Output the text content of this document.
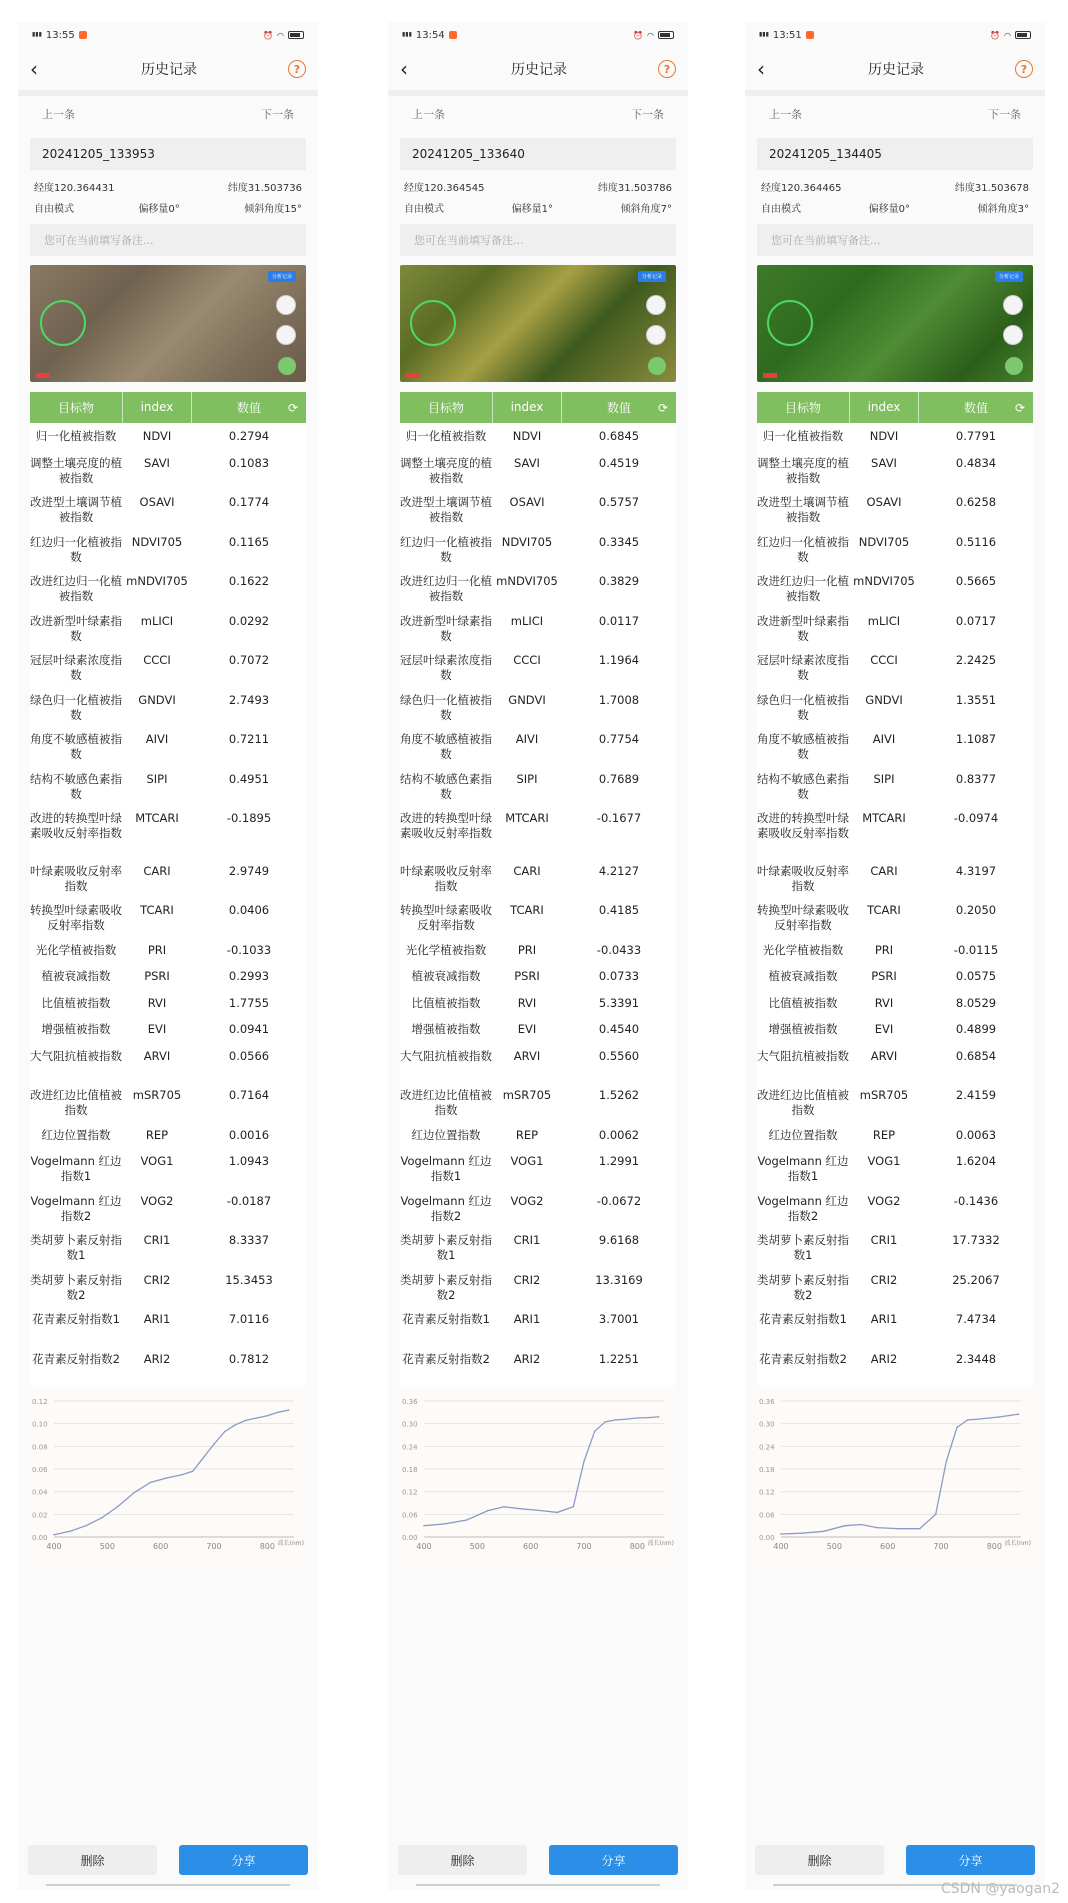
▮▮▮ 13:55	⏰ ◠
‹	历史记录	?
上一条	下一条
20241205_133953
经度120.364431	纬度31.503736
自由模式	偏移量0°	倾斜角度15°
您可在当前填写备注...
分析记录
目标物	index	数值 ⟳
归一化植被指数	NDVI	0.2794
调整土壤亮度的植被指数
SAVI	0.1083
改进型土壤调节植被指数
OSAVI	0.1774
红边归一化植被指数
NDVI705	0.1165
改进红边归一化植被指数
mNDVI705	0.1622
改进新型叶绿素指数
mLICI	0.0292
冠层叶绿素浓度指数
CCCI	0.7072
绿色归一化植被指数
GNDVI	2.7493
角度不敏感植被指数
AIVI	0.7211
结构不敏感色素指数
SIPI	0.4951
改进的转换型叶绿素吸收反射率指数
MTCARI	-0.1895
叶绿素吸收反射率指数
CARI	2.9749
转换型叶绿素吸收反射率指数
TCARI	0.0406
光化学植被指数	PRI	-0.1033
植被衰减指数	PSRI	0.2993
比值植被指数	RVI	1.7755
增强植被指数	EVI	0.0941
大气阻抗植被指数	ARVI	0.0566
改进红边比值植被指数
mSR705	0.7164
红边位置指数	REP	0.0016
Vogelmann 红边指数1
VOG1	1.0943
Vogelmann 红边指数2
VOG2	-0.0187
类胡萝卜素反射指数1
CRI1	8.3337
类胡萝卜素反射指数2
CRI2	15.3453
花青素反射指数1	ARI1	7.0116
花青素反射指数2	ARI2	0.7812
0.00
0.02
0.04
0.06
0.08
0.10
0.12
400	500	600	700	800 波长(nm)
删除	分享
▮▮▮ 13:54	⏰ ◠
‹	历史记录	?
上一条	下一条
20241205_133640
经度120.364545	纬度31.503786
自由模式	偏移量1°	倾斜角度7°
您可在当前填写备注...
分析记录
目标物	index	数值 ⟳
归一化植被指数	NDVI	0.6845
调整土壤亮度的植被指数
SAVI	0.4519
改进型土壤调节植被指数
OSAVI	0.5757
红边归一化植被指数
NDVI705	0.3345
改进红边归一化植被指数
mNDVI705	0.3829
改进新型叶绿素指数
mLICI	0.0117
冠层叶绿素浓度指数
CCCI	1.1964
绿色归一化植被指数
GNDVI	1.7008
角度不敏感植被指数
AIVI	0.7754
结构不敏感色素指数
SIPI	0.7689
改进的转换型叶绿素吸收反射率指数
MTCARI	-0.1677
叶绿素吸收反射率指数
CARI	4.2127
转换型叶绿素吸收反射率指数
TCARI	0.4185
光化学植被指数	PRI	-0.0433
植被衰减指数	PSRI	0.0733
比值植被指数	RVI	5.3391
增强植被指数	EVI	0.4540
大气阻抗植被指数	ARVI	0.5560
改进红边比值植被指数
mSR705	1.5262
红边位置指数	REP	0.0062
Vogelmann 红边指数1
VOG1	1.2991
Vogelmann 红边指数2
VOG2	-0.0672
类胡萝卜素反射指数1
CRI1	9.6168
类胡萝卜素反射指数2
CRI2	13.3169
花青素反射指数1	ARI1	3.7001
花青素反射指数2	ARI2	1.2251
0.00
0.06
0.12
0.18
0.24
0.30
0.36
400	500	600	700	800 波长(nm)
删除	分享
▮▮▮ 13:51	⏰ ◠
‹	历史记录	?
上一条	下一条
20241205_134405
经度120.364465	纬度31.503678
自由模式	偏移量0°	倾斜角度3°
您可在当前填写备注...
分析记录
目标物	index	数值 ⟳
归一化植被指数	NDVI	0.7791
调整土壤亮度的植被指数
SAVI	0.4834
改进型土壤调节植被指数
OSAVI	0.6258
红边归一化植被指数
NDVI705	0.5116
改进红边归一化植被指数
mNDVI705	0.5665
改进新型叶绿素指数
mLICI	0.0717
冠层叶绿素浓度指数
CCCI	2.2425
绿色归一化植被指数
GNDVI	1.3551
角度不敏感植被指数
AIVI	1.1087
结构不敏感色素指数
SIPI	0.8377
改进的转换型叶绿素吸收反射率指数
MTCARI	-0.0974
叶绿素吸收反射率指数
CARI	4.3197
转换型叶绿素吸收反射率指数
TCARI	0.2050
光化学植被指数	PRI	-0.0115
植被衰减指数	PSRI	0.0575
比值植被指数	RVI	8.0529
增强植被指数	EVI	0.4899
大气阻抗植被指数	ARVI	0.6854
改进红边比值植被指数
mSR705	2.4159
红边位置指数	REP	0.0063
Vogelmann 红边指数1
VOG1	1.6204
Vogelmann 红边指数2
VOG2	-0.1436
类胡萝卜素反射指数1
CRI1	17.7332
类胡萝卜素反射指数2
CRI2	25.2067
花青素反射指数1	ARI1	7.4734
花青素反射指数2	ARI2	2.3448
0.00
0.06
0.12
0.18
0.24
0.30
0.36
400	500	600	700	800 波长(nm)
删除	分享
CSDN @yaogan2
